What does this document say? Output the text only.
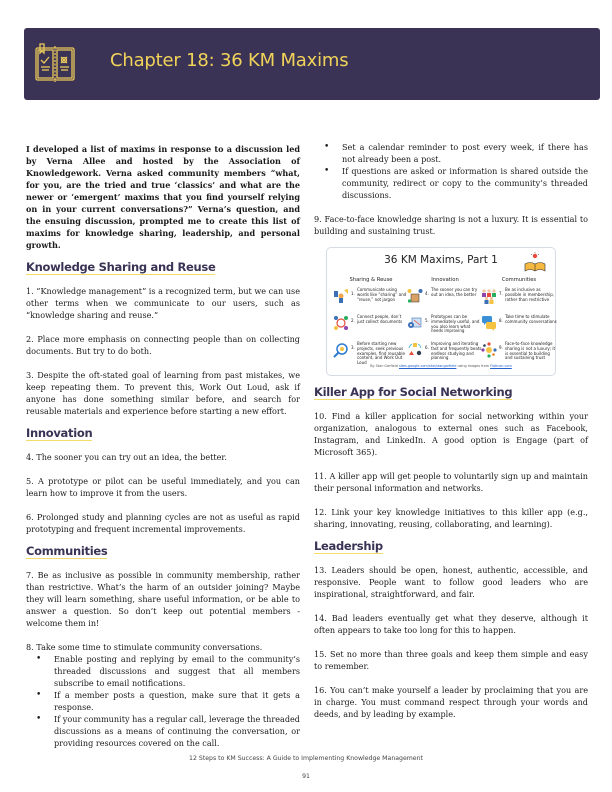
Chapter 18: 36 KM Maxims

I developed a list of maxims in response to a discussion led by Verna Allee and hosted by the Association of Knowledgework. Verna asked community members “what, for you, are the tried and true ‘classics’ and what are the newer or ‘emergent’ maxims that you find yourself relying on in your current conversations?” Verna’s question, and the ensuing discussion, prompted me to create this list of maxims for knowledge sharing, leadership, and personal growth.

Knowledge Sharing and Reuse

1. “Knowledge management” is a recognized term, but we can use other terms when we communicate to our users, such as “knowledge sharing and reuse.”

2. Place more emphasis on connecting people than on collecting documents. But try to do both.

3. Despite the oft-stated goal of learning from past mistakes, we keep repeating them. To prevent this, Work Out Loud, ask if anyone has done something similar before, and search for reusable materials and experience before starting a new effort.

Innovation

4. The sooner you can try out an idea, the better.

5. A prototype or pilot can be useful immediately, and you can learn how to improve it from the users.

6. Prolonged study and planning cycles are not as useful as rapid prototyping and frequent incremental improvements.

Communities

7. Be as inclusive as possible in community membership, rather than restrictive. What’s the harm of an outsider joining? Maybe they will learn something, share useful information, or be able to answer a question. So don’t keep out potential members - welcome them in!

8. Take some time to stimulate community conversations.

• Enable posting and replying by email to the community’s threaded discussions and suggest that all members subscribe to email notifications.
• If a member posts a question, make sure that it gets a response.
• If your community has a regular call, leverage the threaded discussions as a means of continuing the conversation, or providing resources covered on the call.
• Set a calendar reminder to post every week, if there has not already been a post.
• If questions are asked or information is shared outside the community, redirect or copy to the community’s threaded discussions.

9. Face-to-face knowledge sharing is not a luxury. It is essential to building and sustaining trust.

36 KM Maxims, Part 1
Sharing & Reuse
1.
Communicate using words like “sharing” and “reuse,” not jargon
2.
Connect people, don’t just collect documents
3.
Before starting new projects, seek previous examples, find reusable content, and Work Out Loud
Innovation
4.
The sooner you can try out an idea, the better
5.
Prototypes can be immediately useful, and you also learn what needs improving
6.
Improving and iterating fast and frequently beats endless studying and planning
Communities
7.
Be as inclusive as possible in membership, rather than restrictive
8.
Take time to stimulate community conversations
9.
Face-to-face knowledge sharing is not a luxury; it is essential to building and sustaining trust
By Stan Garfield sites.google.com/site/stangarfield using images from Flaticon.com
Killer App for Social Networking

10. Find a killer application for social networking within your organization, analogous to external ones such as Facebook, Instagram, and LinkedIn. A good option is Engage (part of Microsoft 365).

11. A killer app will get people to voluntarily sign up and maintain their personal information and networks.

12. Link your key knowledge initiatives to this killer app (e.g., sharing, innovating, reusing, collaborating, and learning).

Leadership

13. Leaders should be open, honest, authentic, accessible, and responsive. People want to follow good leaders who are inspirational, straightforward, and fair.

14. Bad leaders eventually get what they deserve, although it often appears to take too long for this to happen.

15. Set no more than three goals and keep them simple and easy to remember.

16. You can’t make yourself a leader by proclaiming that you are in charge. You must command respect through your words and deeds, and by leading by example.

12 Steps to KM Success: A Guide to Implementing Knowledge Management
91
